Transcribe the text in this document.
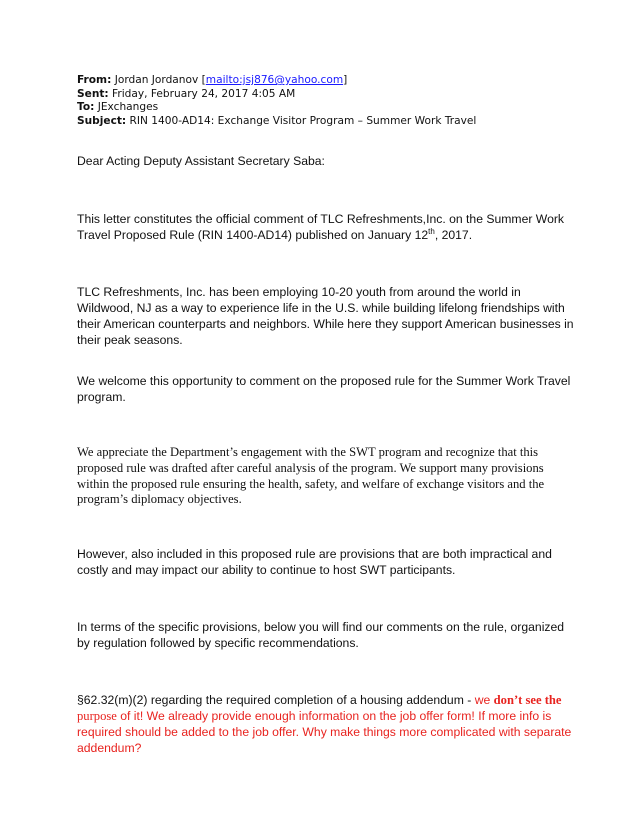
From: Jordan Jordanov [mailto:jsj876@yahoo.com]
Sent: Friday, February 24, 2017 4:05 AM
To: JExchanges
Subject: RIN 1400-AD14: Exchange Visitor Program – Summer Work Travel

Dear Acting Deputy Assistant Secretary Saba:

This letter constitutes the official comment of TLC Refreshments,Inc. on the Summer Work Travel Proposed Rule (RIN 1400-AD14) published on January 12th, 2017.

TLC Refreshments, Inc. has been employing 10-20 youth from around the world in Wildwood, NJ as a way to experience life in the U.S. while building lifelong friendships with their American counterparts and neighbors. While here they support American businesses in their peak seasons.

We welcome this opportunity to comment on the proposed rule for the Summer Work Travel program.

We appreciate the Department’s engagement with the SWT program and recognize that this proposed rule was drafted after careful analysis of the program. We support many provisions within the proposed rule ensuring the health, safety, and welfare of exchange visitors and the program’s diplomacy objectives.

However, also included in this proposed rule are provisions that are both impractical and costly and may impact our ability to continue to host SWT participants.

In terms of the specific provisions, below you will find our comments on the rule, organized by regulation followed by specific recommendations.

§62.32(m)(2) regarding the required completion of a housing addendum - we don’t see the
purpose of it! We already provide enough information on the job offer form! If more info is required should be added to the job offer. Why make things more complicated with separate addendum?
